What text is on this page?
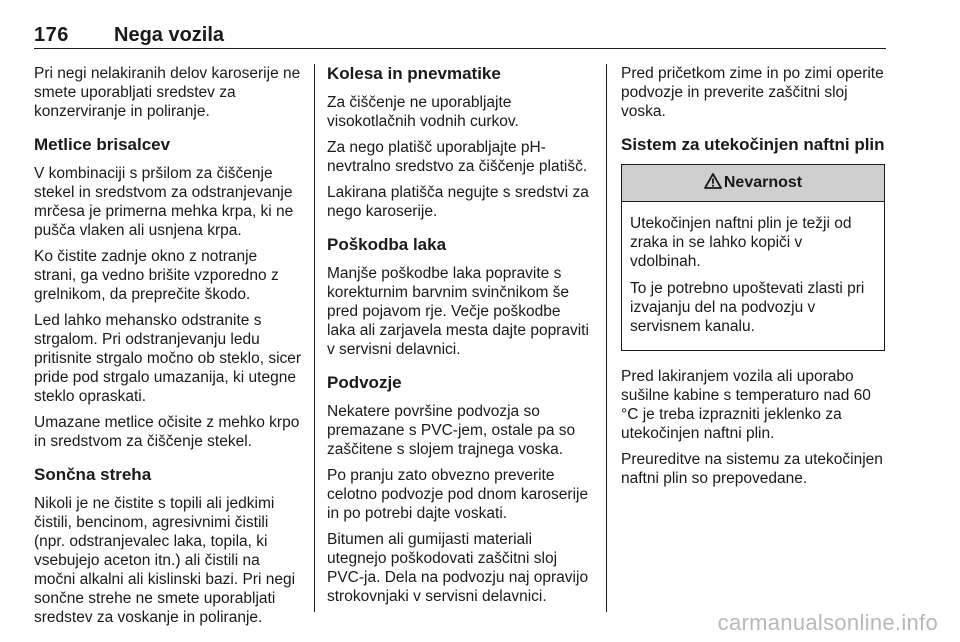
176 Nega vozila

Pri negi nelakiranih delov karoserije ne smete uporabljati sredstev za konzerviranje in poliranje.

Metlice brisalcev

V kombinaciji s pršilom za čiščenje stekel in sredstvom za odstranjevanje mrčesa je primerna mehka krpa, ki ne pušča vlaken ali usnjena krpa.

Ko čistite zadnje okno z notranje strani, ga vedno brišite vzporedno z grelnikom, da preprečite škodo.

Led lahko mehansko odstranite s strgalom. Pri odstranjevanju ledu pritisnite strgalo močno ob steklo, sicer pride pod strgalo umazanija, ki utegne steklo opraskati.

Umazane metlice očisite z mehko krpo in sredstvom za čiščenje stekel.

Sončna streha

Nikoli je ne čistite s topili ali jedkimi čistili, bencinom, agresivnimi čistili (npr. odstranjevalec laka, topila, ki vsebujejo aceton itn.) ali čistili na močni alkalni ali kislinski bazi. Pri negi sončne strehe ne smete uporabljati sredstev za voskanje in poliranje.

Kolesa in pnevmatike

Za čiščenje ne uporabljajte visokotlačnih vodnih curkov.

Za nego platišč uporabljajte pH-nevtralno sredstvo za čiščenje platišč.

Lakirana platišča negujte s sredstvi za nego karoserije.

Poškodba laka

Manjše poškodbe laka popravite s korekturnim barvnim svinčnikom še pred pojavom rje. Večje poškodbe laka ali zarjavela mesta dajte popraviti v servisni delavnici.

Podvozje

Nekatere površine podvozja so premazane s PVC-jem, ostale pa so zaščitene s slojem trajnega voska.

Po pranju zato obvezno preverite celotno podvozje pod dnom karoserije in po potrebi dajte voskati.

Bitumen ali gumijasti materiali utegnejo poškodovati zaščitni sloj PVC-ja. Dela na podvozju naj opravijo strokovnjaki v servisni delavnici.

Pred pričetkom zime in po zimi operite podvozje in preverite zaščitni sloj voska.

Sistem za utekočinjen naftni plin
Nevarnost

Utekočinjen naftni plin je težji od zraka in se lahko kopiči v vdolbinah.

To je potrebno upoštevati zlasti pri izvajanju del na podvozju v servisnem kanalu.

Pred lakiranjem vozila ali uporabo sušilne kabine s temperaturo nad 60 °C je treba izprazniti jeklenko za utekočinjen naftni plin.

Preureditve na sistemu za utekočinjen naftni plin so prepovedane.

carmanualsonline.info
